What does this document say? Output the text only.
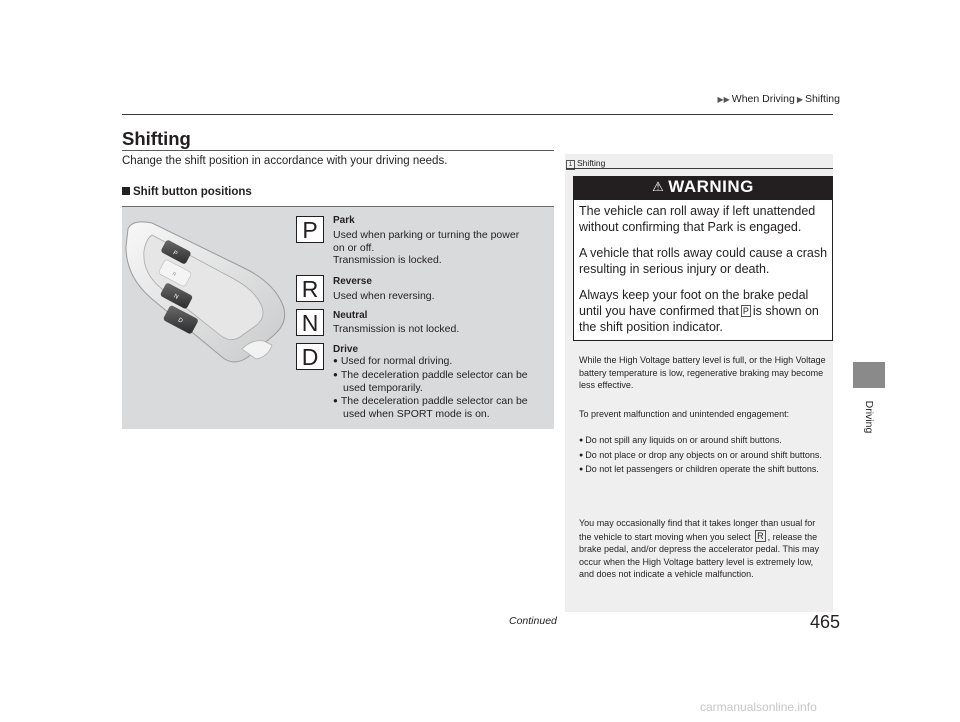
▶▶ When Driving ▶ Shifting
Driving
Shifting
Change the shift position in accordance with your driving needs.
Shift button positions
P
R
N
D
P	Park
Used when parking or turning the power
on or off.
Transmission is locked.
R	Reverse
Used when reversing.
N	Neutral
Transmission is not locked.
D	Drive
● Used for normal driving.
● The deceleration paddle selector can be used temporarily.
● The deceleration paddle selector can be used when SPORT mode is on.
1 Shifting
⚠ WARNING
The vehicle can roll away if left unattended without confirming that Park is engaged.
A vehicle that rolls away could cause a crash resulting in serious injury or death.
Always keep your foot on the brake pedal until you have confirmed that P is shown on the shift position indicator.

While the High Voltage battery level is full, or the High Voltage battery temperature is low, regenerative braking may become less effective.

To prevent malfunction and unintended engagement:

● Do not spill any liquids on or around shift buttons.
● Do not place or drop any objects on or around shift buttons.
● Do not let passengers or children operate the shift buttons.

You may occasionally find that it takes longer than usual for the vehicle to start moving when you select R , release the brake pedal, and/or depress the accelerator pedal. This may occur when the High Voltage battery level is extremely low, and does not indicate a vehicle malfunction.

Continued	465
carmanualsonline.info
